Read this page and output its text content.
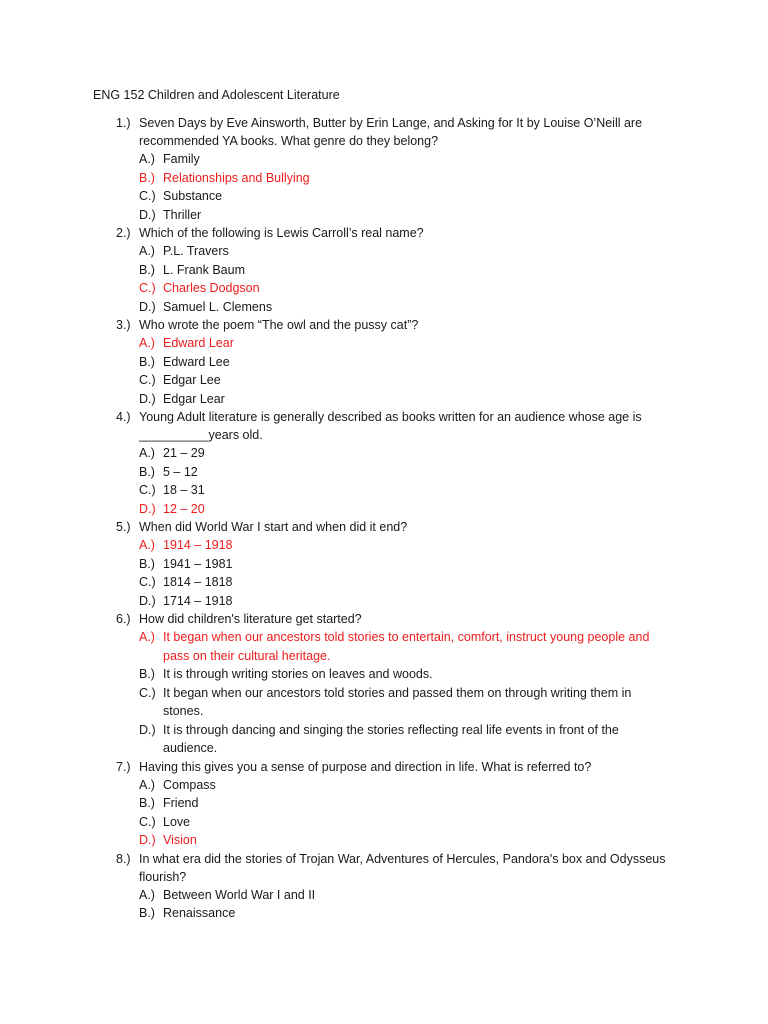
ENG 152 Children and Adolescent Literature
1.) Seven Days by Eve Ainsworth, Butter by Erin Lange, and Asking for It by Louise O’Neill are recommended YA books. What genre do they belong?
A.) Family
B.) Relationships and Bullying
C.) Substance
D.) Thriller
2.) Which of the following is Lewis Carroll’s real name?
A.) P.L. Travers
B.) L. Frank Baum
C.) Charles Dodgson
D.) Samuel L. Clemens
3.) Who wrote the poem “The owl and the pussy cat”?
A.) Edward Lear
B.) Edward Lee
C.) Edgar Lee
D.) Edgar Lear
4.) Young Adult literature is generally described as books written for an audience whose age is __________years old.
A.) 21 – 29
B.) 5 – 12
C.) 18 – 31
D.) 12 – 20
5.) When did World War I start and when did it end?
A.) 1914 – 1918
B.) 1941 – 1981
C.) 1814 – 1818
D.) 1714 – 1918
6.) How did children's literature get started?
A.) It began when our ancestors told stories to entertain, comfort, instruct young people and pass on their cultural heritage.
B.) It is through writing stories on leaves and woods.
C.) It began when our ancestors told stories and passed them on through writing them in stones.
D.) It is through dancing and singing the stories reflecting real life events in front of the audience.
7.) Having this gives you a sense of purpose and direction in life. What is referred to?
A.) Compass
B.) Friend
C.) Love
D.) Vision
8.) In what era did the stories of Trojan War, Adventures of Hercules, Pandora's box and Odysseus flourish?
A.) Between World War I and II
B.) Renaissance
